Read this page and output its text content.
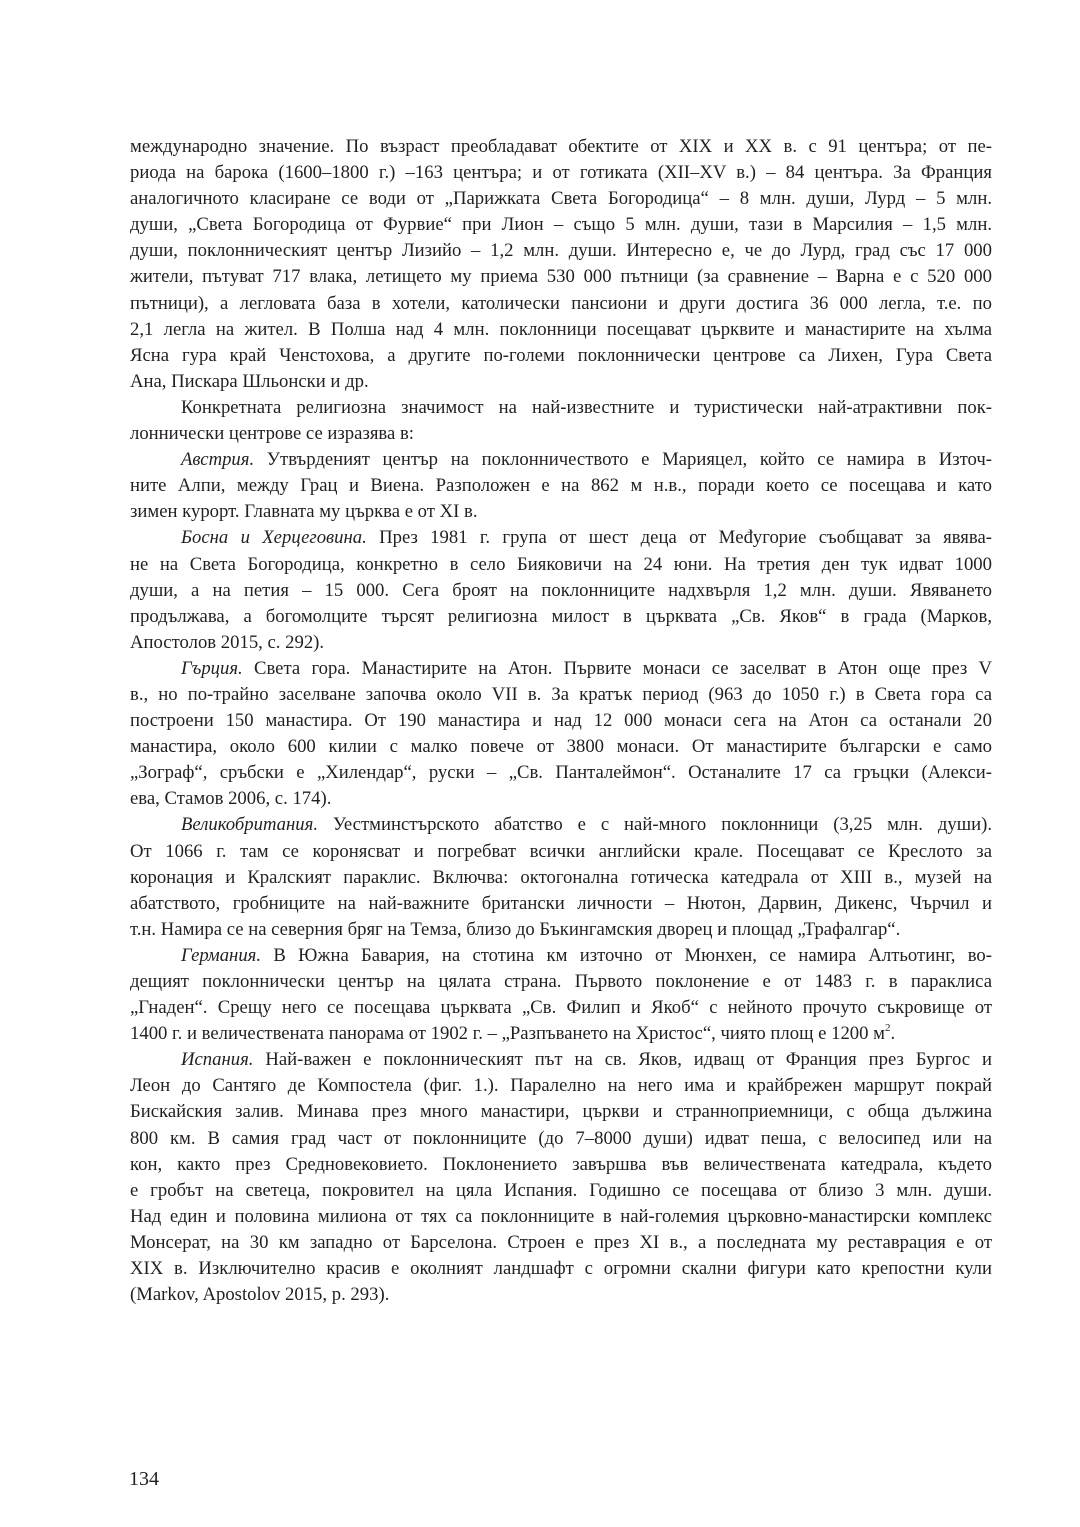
международно значение. По възраст преобладават обектите от XIX и XX в. с 91 центъра; от пе-
риода на барока (1600–1800 г.) –163 центъра; и от готиката (XII–XV в.) – 84 центъра. За Франция
аналогичното класиране се води от „Парижката Света Богородица“ – 8 млн. души, Лурд – 5 млн.
души, „Света Богородица от Фурвие“ при Лион – също 5 млн. души, тази в Марсилия – 1,5 млн.
души, поклонническият център Лизийо – 1,2 млн. души. Интересно е, че до Лурд, град със 17 000
жители, пътуват 717 влака, летището му приема 530 000 пътници (за сравнение – Варна е с 520 000
пътници), а легловата база в хотели, католически пансиони и други достига 36 000 легла, т.е. по
2,1 легла на жител. В Полша над 4 млн. поклонници посещават църквите и манастирите на хълма
Ясна гура край Ченстохова, а другите по-големи поклоннически центрове са Лихен, Гура Света
Ана, Пискара Шльонски и др.
Конкретната религиозна значимост на най-известните и туристически най-атрактивни пок-
лоннически центрове се изразява в:
Австрия. Утвърденият център на поклонничеството е Марияцел, който се намира в Източ-
ните Алпи, между Грац и Виена. Разположен е на 862 м н.в., поради което се посещава и като
зимен курорт. Главната му църква е от XI в.
Босна и Херцеговина. През 1981 г. група от шест деца от Međугорие съобщават за явява-
не на Света Богородица, конкретно в село Бияковичи на 24 юни. На третия ден тук идват 1000
души, а на петия – 15 000. Сега броят на поклонниците надхвърля 1,2 млн. души. Явяването
продължава, а богомолците търсят религиозна милост в църквата „Св. Яков“ в града (Марков,
Апостолов 2015, с. 292).
Гърция. Света гора. Манастирите на Атон. Първите монаси се заселват в Атон още през V
в., но по-трайно заселване започва около VII в. За кратък период (963 до 1050 г.) в Света гора са
построени 150 манастира. От 190 манастира и над 12 000 монаси сега на Атон са останали 20
манастира, около 600 килии с малко повече от 3800 монаси. От манастирите български е само
„Зограф“, сръбски е „Хилендар“, руски – „Св. Панталеймон“. Останалите 17 са гръцки (Алекси-
ева, Стамов 2006, с. 174).
Великобритания. Уестминстърското абатство е с най-много поклонници (3,25 млн. души).
От 1066 г. там се коронясват и погребват всички английски крале. Посещават се Креслото за
коронация и Кралският параклис. Включва: октогонална готическа катедрала от XIII в., музей на
абатството, гробниците на най-важните британски личности – Нютон, Дарвин, Дикенс, Чърчил и
т.н. Намира се на северния бряг на Темза, близо до Бъкингамския дворец и площад „Трафалгар“.
Германия. В Южна Бавария, на стотина км източно от Мюнхен, се намира Алтьотинг, во-
дещият поклоннически център на цялата страна. Първото поклонение е от 1483 г. в параклиса
„Гнаден“. Срещу него се посещава църквата „Св. Филип и Якоб“ с нейното прочуто съкровище от
1400 г. и величествената панорама от 1902 г. – „Разпъването на Христос“, чиято площ е 1200 $м^2$.
Испания. Най-важен е поклонническият път на св. Яков, идващ от Франция през Бургос и
Леон до Сантяго де Компостела (фиг. 1.). Паралелно на него има и крайбрежен маршрут покрай
Бискайския залив. Минава през много манастири, църкви и странноприемници, с обща дължина
800 км. В самия град част от поклонниците (до 7–8000 души) идват пеша, с велосипед или на
кон, както през Средновековието. Поклонението завършва във величествената катедрала, където
е гробът на светеца, покровител на цяла Испания. Годишно се посещава от близо 3 млн. души.
Над един и половина милиона от тях са поклонниците в най-големия църковно-манастирски комплекс
Монсерат, на 30 км западно от Барселона. Строен е през XI в., а последната му реставрация е от
XIX в. Изключително красив е околният ландшафт с огромни скални фигури като крепостни кули
(Markov, Apostolov 2015, p. 293).
134
